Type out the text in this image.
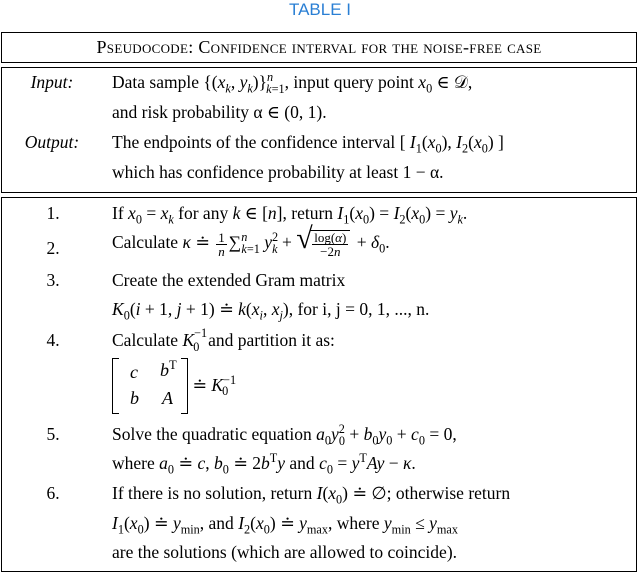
TABLE I
Pseudocode: Confidence interval for the noise-free case
Input:	Data sample {($x_k$, $y_k)\}^n_{k=1}$, input query point $x_0$ ∈ 𝒟,
and risk probability α ∈ (0, 1).
Output:	The endpoints of the confidence interval [ $I_1(x_0)$, $I_2(x_0)$ ]
which has confidence probability at least 1 − α.
1.	If $x_0 = x_k$ for any k ∈ [n], return $I_1(x_0) = I_2(x_0) = y_k$.
2.	Calculate κ ≐ $\frac{1}{n} \sum^n_{k=1}$ $y^2_k$ +
√ $\frac{\log(\alpha)}{-2n} + \delta_0$.
3.	Create the extended Gram matrix
$K_0(i + 1$, j + 1) ≐ $k(x_i$, $x_j$), for i, j = 0, 1, ..., n.
4.	Calculate $K^{-1}_0$ and partition it as:
c $b^T$
b A
≐ $K^{-1}_0$
5.	Solve the quadratic equation $a_0y^2_0 + b_0y_0 + c_0 = 0$,
where $a_0$ ≐ c, $b_0$ ≐ $2b^Ty$ and $c_0 = y^TAy - \kappa$.
6.	If there is no solution, return $I(x_0)$ ≐ ∅; otherwise return
$I_1(x_0)$ ≐ $y_{min}$, and $I_2(x_0)$ ≐ $y_{max}$, where $y_{min} \le y_{max}$
are the solutions (which are allowed to coincide).
